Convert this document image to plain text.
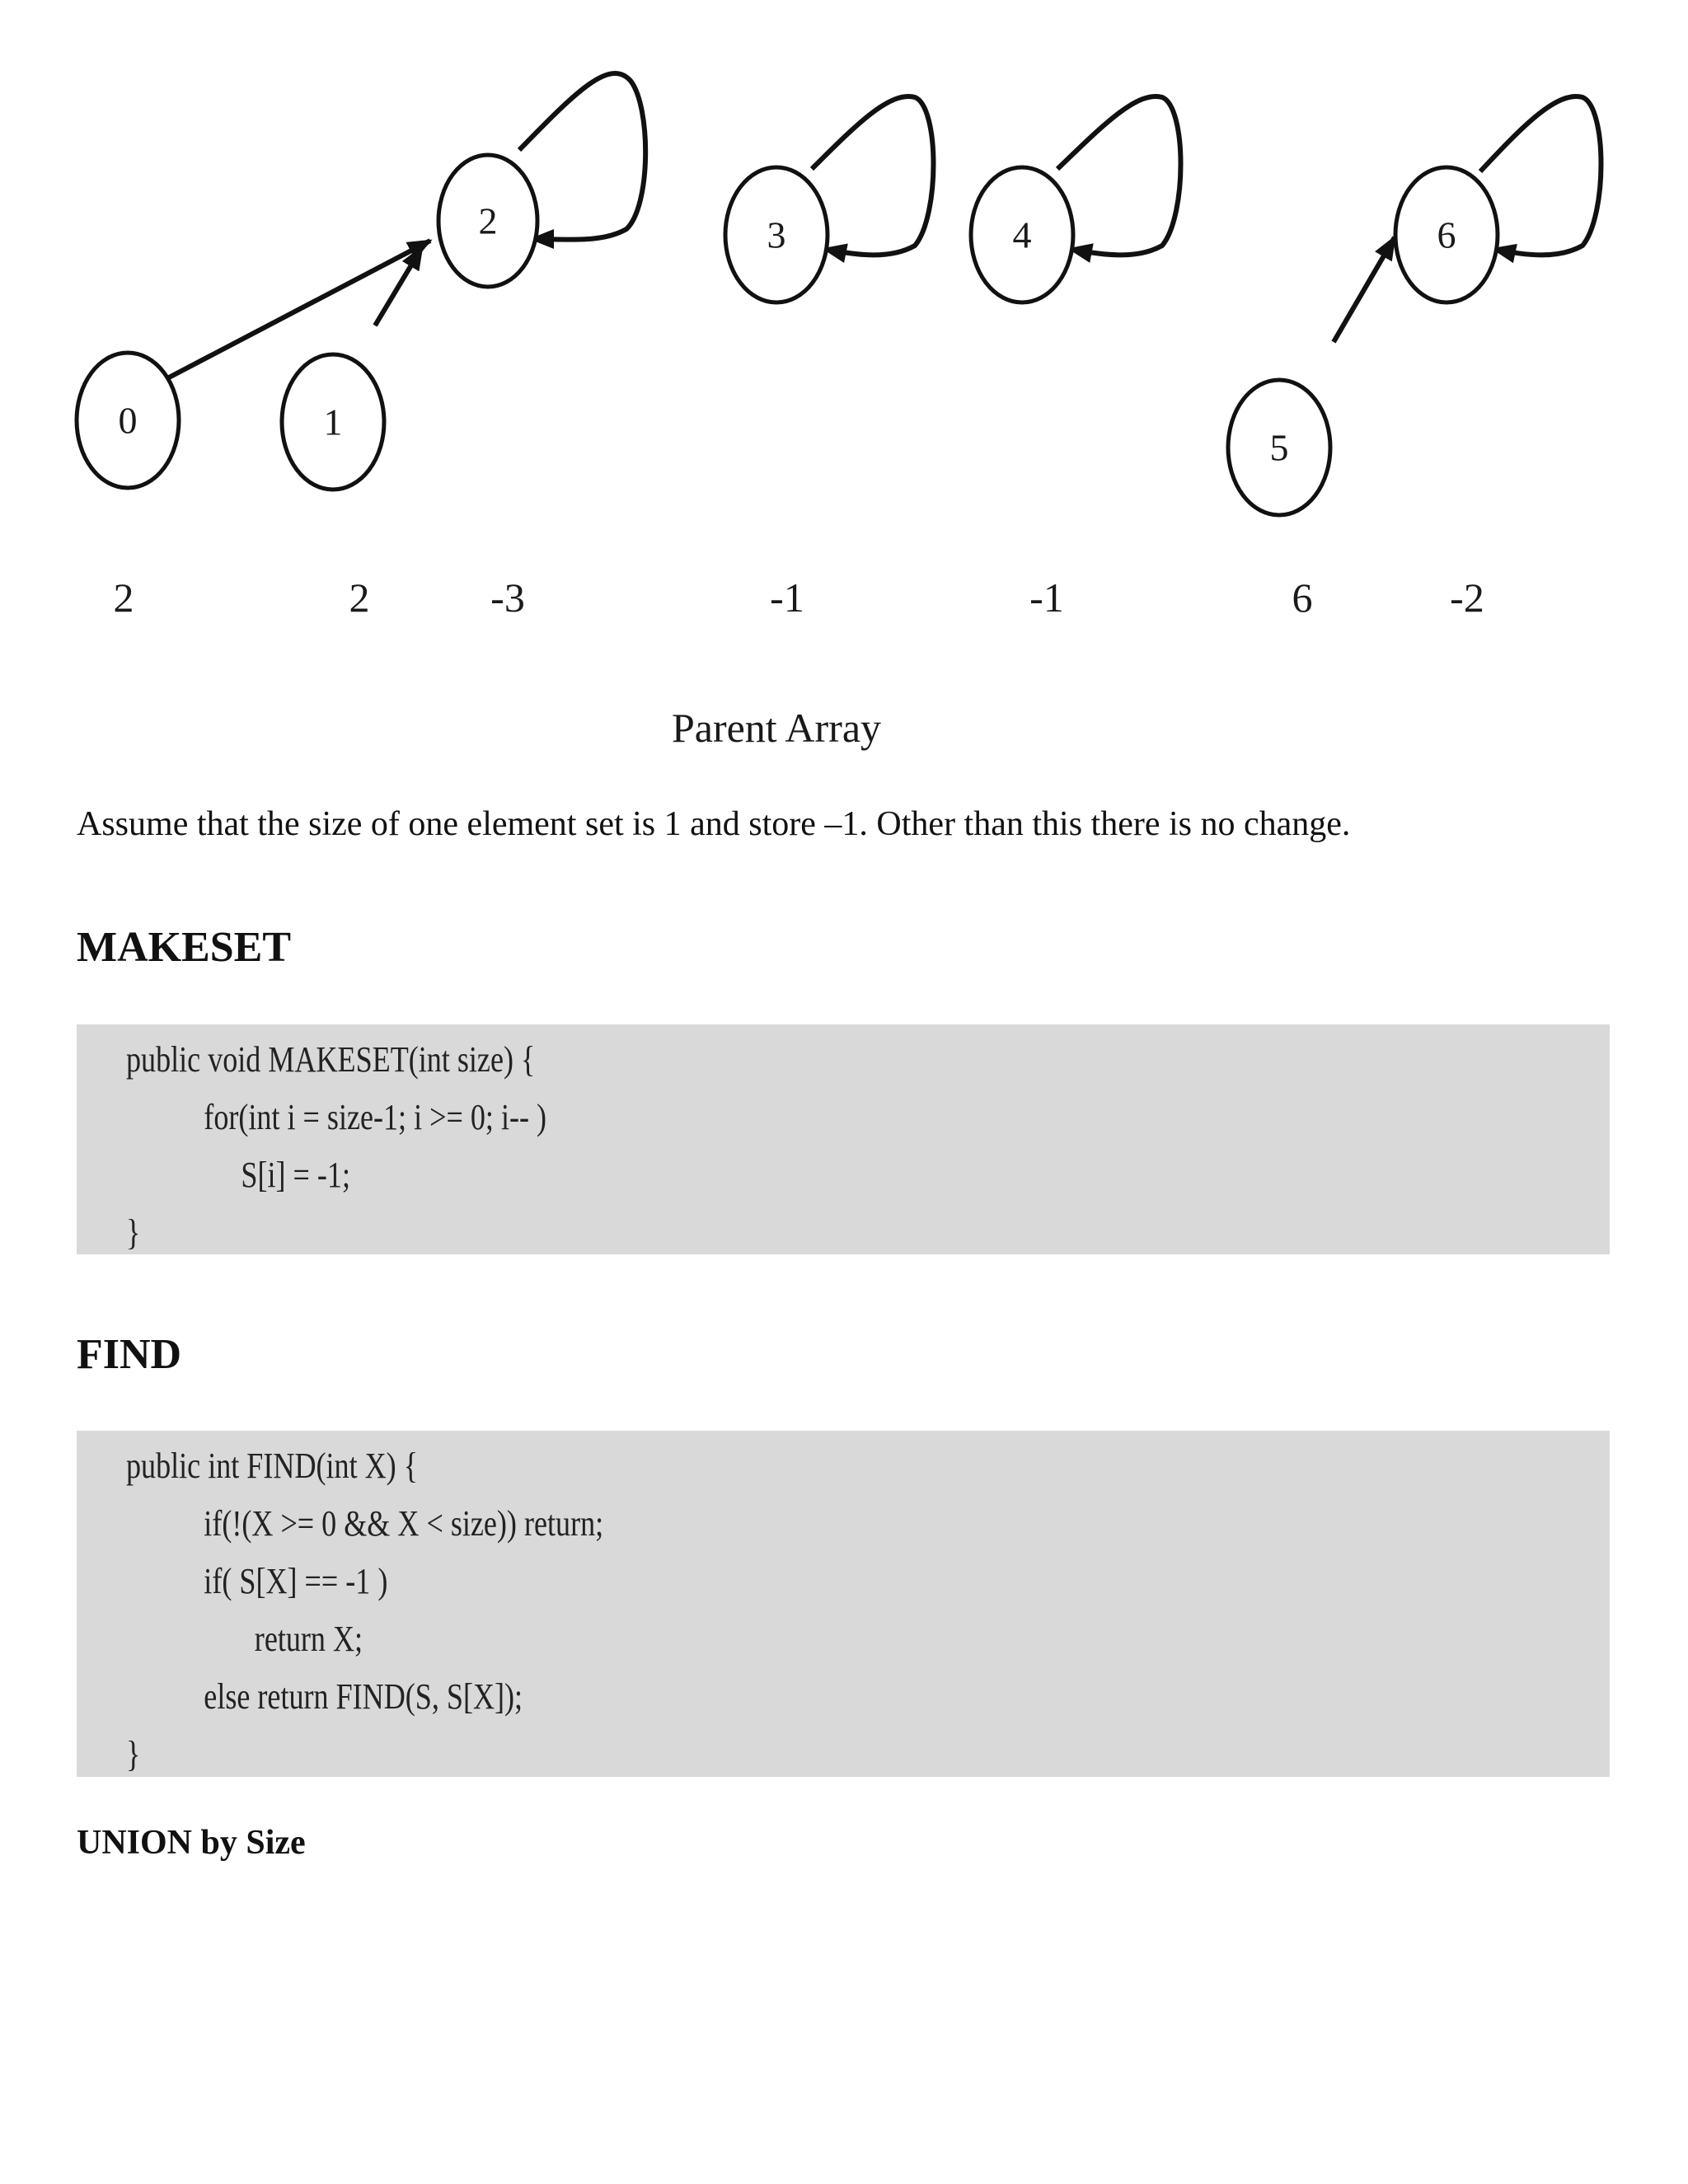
0	1
2	3	4
5
6
2	2	-3	-1	-1	6	-2
Parent Array

Assume that the size of one element set is 1 and store –1. Other than this there is no change.

MAKESET
public void MAKESET(int size) {
for(int i = size-1; i >= 0; i-- )
S[i] = -1;
}
FIND
public int FIND(int X) {
if(!(X >= 0 && X < size)) return;
if( S[X] == -1 )
return X;
else return FIND(S, S[X]);
}
UNION by Size
